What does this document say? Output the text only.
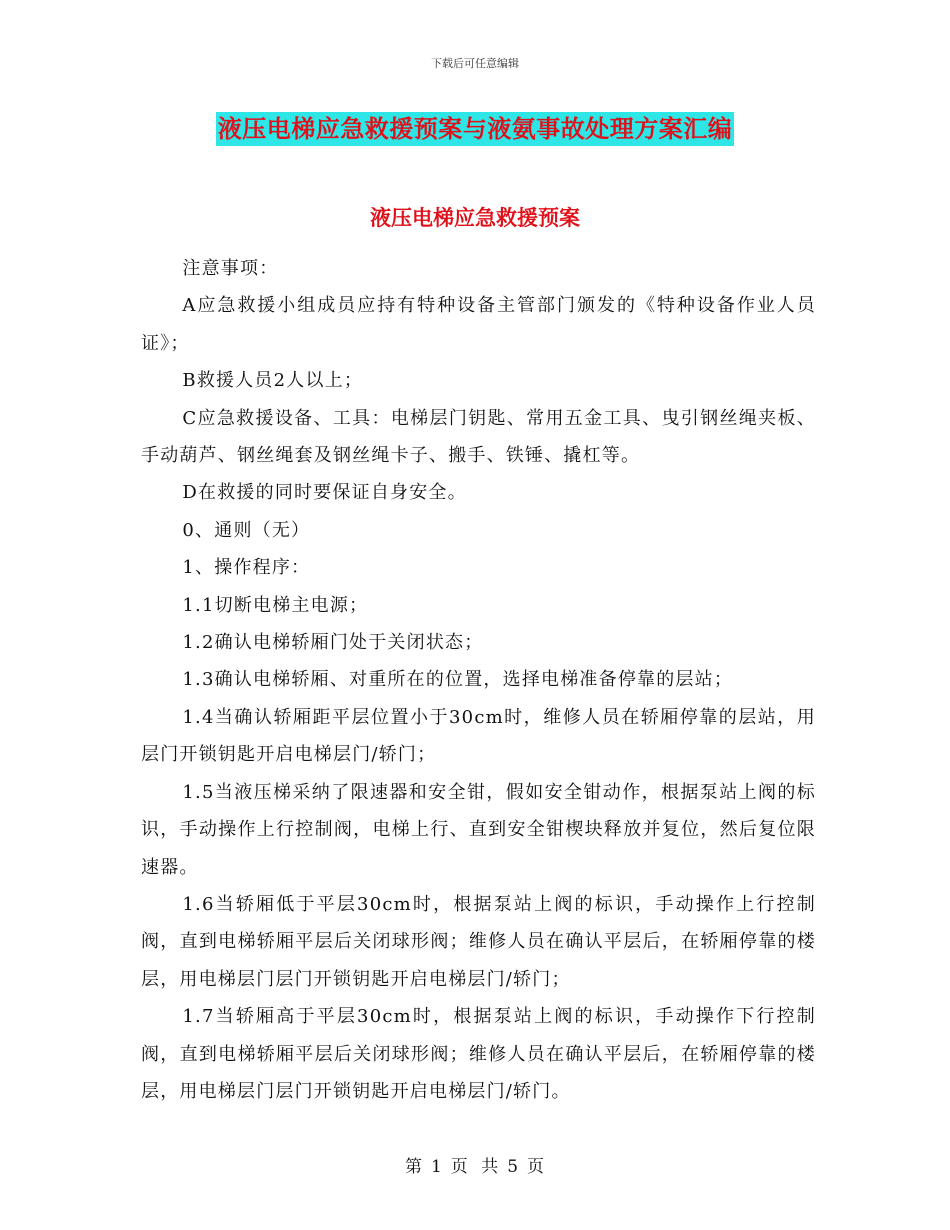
下载后可任意编辑
液压电梯应急救援预案与液氨事故处理方案汇编
液压电梯应急救援预案

注意事项：

A应急救援小组成员应持有特种设备主管部门颁发的《特种设备作业人员证》；

B救援人员2人以上；

C应急救援设备、工具：电梯层门钥匙、常用五金工具、曳引钢丝绳夹板、手动葫芦、钢丝绳套及钢丝绳卡子、搬手、铁锤、撬杠等。

D在救援的同时要保证自身安全。

0、通则（无）

1、操作程序：

1.1切断电梯主电源；

1.2确认电梯轿厢门处于关闭状态；

1.3确认电梯轿厢、对重所在的位置，选择电梯准备停靠的层站；

1.4当确认轿厢距平层位置小于30cm时，维修人员在轿厢停靠的层站，用层门开锁钥匙开启电梯层门/轿门；

1.5当液压梯采纳了限速器和安全钳，假如安全钳动作，根据泵站上阀的标识，手动操作上行控制阀，电梯上行、直到安全钳楔块释放并复位，然后复位限速器。

1.6当轿厢低于平层30cm时，根据泵站上阀的标识，手动操作上行控制阀，直到电梯轿厢平层后关闭球形阀；维修人员在确认平层后，在轿厢停靠的楼层，用电梯层门层门开锁钥匙开启电梯层门/轿门；

1.7当轿厢高于平层30cm时，根据泵站上阀的标识，手动操作下行控制阀，直到电梯轿厢平层后关闭球形阀；维修人员在确认平层后，在轿厢停靠的楼层，用电梯层门层门开锁钥匙开启电梯层门/轿门。

第 1 页 共 5 页
